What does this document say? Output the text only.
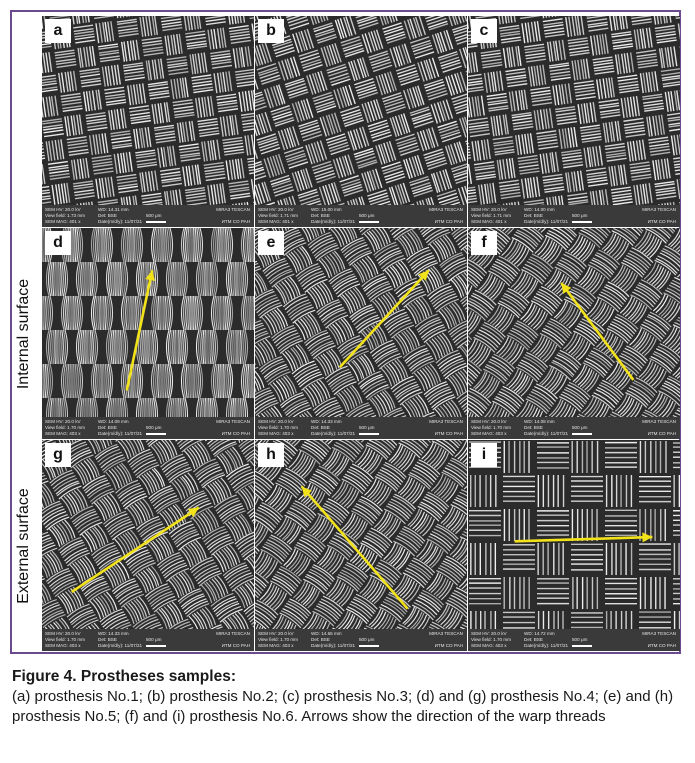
Internal surface
External surface
a
SEM HV: 20.0 kV	WD: 14.31 mm	MIRA3 TESCAN
View field: 1.73 mm	Det: BSE	500 μm
SEM MAG: 401 x	Date(m/d/y): 11/07/21	ИТМ СО РАН
b
SEM HV: 20.0 kV	WD: 15.00 mm	MIRA3 TESCAN
View field: 1.71 mm	Det: BSE	500 μm
SEM MAG: 401 x	Date(m/d/y): 11/07/21	ИТМ СО РАН
c
SEM HV: 20.0 kV	WD: 14.00 mm	MIRA3 TESCAN
View field: 1.71 mm	Det: BSE	500 μm
SEM MAG: 401 x	Date(m/d/y): 11/07/21	ИТМ СО РАН
d
SEM HV: 20.0 kV	WD: 14.09 mm	MIRA3 TESCAN
View field: 1.70 mm	Det: BSE	500 μm
SEM MAG: 403 x	Date(m/d/y): 11/07/21	ИТМ СО РАН
e
SEM HV: 20.0 kV	WD: 14.33 mm	MIRA3 TESCAN
View field: 1.70 mm	Det: BSE	500 μm
SEM MAG: 403 x	Date(m/d/y): 11/07/21	ИТМ СО РАН
f
SEM HV: 20.0 kV	WD: 14.08 mm	MIRA3 TESCAN
View field: 1.70 mm	Det: BSE	500 μm
SEM MAG: 403 x	Date(m/d/y): 11/07/21	ИТМ СО РАН
g
SEM HV: 20.0 kV	WD: 14.33 mm	MIRA3 TESCAN
View field: 1.70 mm	Det: BSE	500 μm
SEM MAG: 403 x	Date(m/d/y): 11/07/21	ИТМ СО РАН
h
SEM HV: 20.0 kV	WD: 14.66 mm	MIRA3 TESCAN
View field: 1.70 mm	Det: BSE	500 μm
SEM MAG: 403 x	Date(m/d/y): 11/07/21	ИТМ СО РАН
i
SEM HV: 20.0 kV	WD: 14.72 mm	MIRA3 TESCAN
View field: 1.70 mm	Det: BSE	500 μm
SEM MAG: 403 x	Date(m/d/y): 11/07/21	ИТМ СО РАН
Figure 4. Prostheses samples:
(a) prosthesis No.1; (b) prosthesis No.2; (c) prosthesis No.3; (d) and (g) prosthesis No.4; (e) and (h) prosthesis No.5; (f) and (i) prosthesis No.6. Arrows show the direction of the warp threads
